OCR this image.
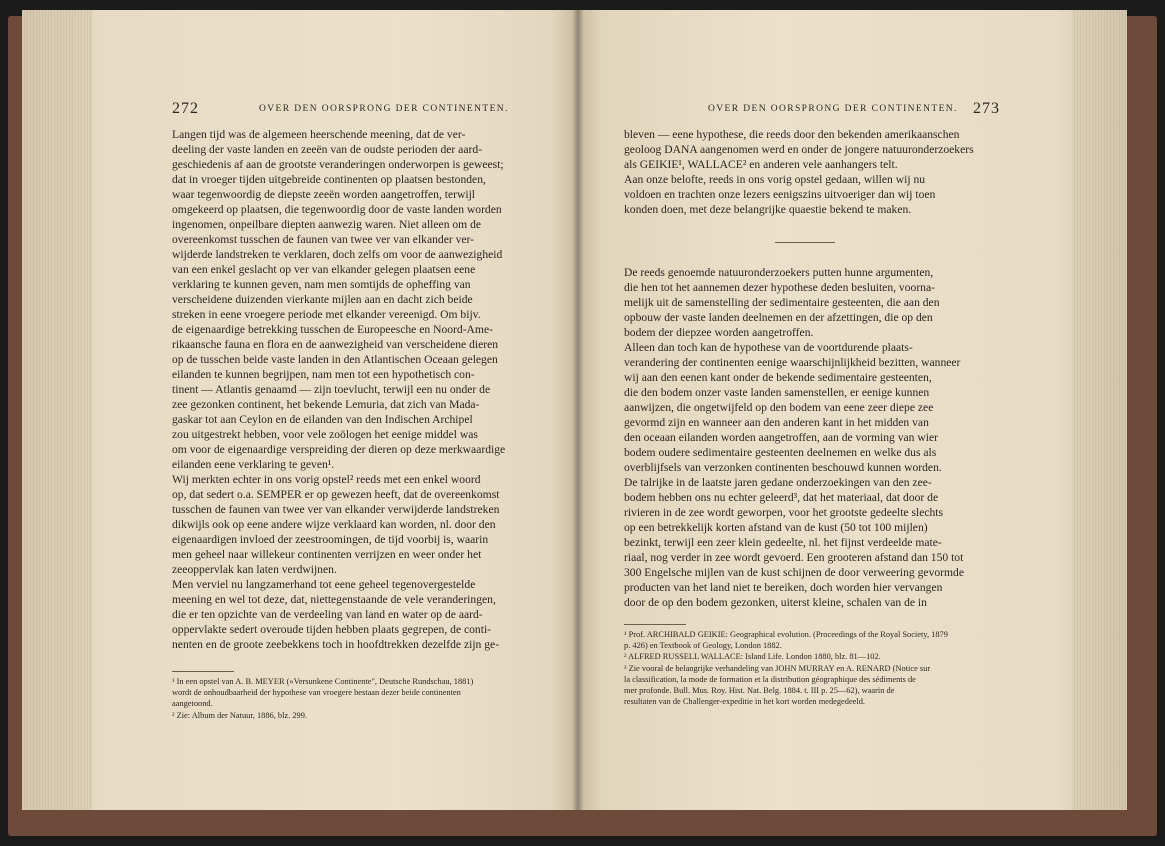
272	OVER DEN OORSPRONG DER CONTINENTEN.
Langen tijd was de algemeen heerschende meening, dat de ver-
deeling der vaste landen en zeeën van de oudste perioden der aard-
geschiedenis af aan de grootste veranderingen onderworpen is geweest;
dat in vroeger tijden uitgebreide continenten op plaatsen bestonden,
waar tegenwoordig de diepste zeeën worden aangetroffen, terwijl
omgekeerd op plaatsen, die tegenwoordig door de vaste landen worden
ingenomen, onpeilbare diepten aanwezig waren. Niet alleen om de
overeenkomst tusschen de faunen van twee ver van elkander ver-
wijderde landstreken te verklaren, doch zelfs om voor de aanwezigheid
van een enkel geslacht op ver van elkander gelegen plaatsen eene
verklaring te kunnen geven, nam men somtijds de opheffing van
verscheidene duizenden vierkante mijlen aan en dacht zich beide
streken in eene vroegere periode met elkander vereenigd. Om bijv.
de eigenaardige betrekking tusschen de Europeesche en Noord-Ame-
rikaansche fauna en flora en de aanwezigheid van verscheidene dieren
op de tusschen beide vaste landen in den Atlantischen Oceaan gelegen
eilanden te kunnen begrijpen, nam men tot een hypothetisch con-
tinent — Atlantis genaamd — zijn toevlucht, terwijl een nu onder de
zee gezonken continent, het bekende Lemuria, dat zich van Mada-
gaskar tot aan Ceylon en de eilanden van den Indischen Archipel
zou uitgestrekt hebben, voor vele zoölogen het eenige middel was
om voor de eigenaardige verspreiding der dieren op deze merkwaardige
eilanden eene verklaring te geven¹.
Wij merkten echter in ons vorig opstel² reeds met een enkel woord
op, dat sedert o.a. SEMPER er op gewezen heeft, dat de overeenkomst
tusschen de faunen van twee ver van elkander verwijderde landstreken
dikwijls ook op eene andere wijze verklaard kan worden, nl. door den
eigenaardigen invloed der zeestroomingen, de tijd voorbij is, waarin
men geheel naar willekeur continenten verrijzen en weer onder het
zeeoppervlak kan laten verdwijnen.
Men verviel nu langzamerhand tot eene geheel tegenovergestelde
meening en wel tot deze, dat, niettegenstaande de vele veranderingen,
die er ten opzichte van de verdeeling van land en water op de aard-
oppervlakte sedert overoude tijden hebben plaats gegrepen, de conti-
nenten en de groote zeebekkens toch in hoofdtrekken dezelfde zijn ge-
¹ In een opstel van A. B. MEYER (»Versunkene Continente", Deutsche Rundschau, 1881)
wordt de onhoudbaarheid der hypothese van vroegere bestaan dezer beide continenten
aangetoond.
² Zie: Album der Natuur, 1886, blz. 299.
273
OVER DEN OORSPRONG DER CONTINENTEN.
bleven — eene hypothese, die reeds door den bekenden amerikaanschen
geoloog DANA aangenomen werd en onder de jongere natuuronderzoekers
als GEIKIE¹, WALLACE² en anderen vele aanhangers telt.
Aan onze belofte, reeds in ons vorig opstel gedaan, willen wij nu
voldoen en trachten onze lezers eenigszins uitvoeriger dan wij toen
konden doen, met deze belangrijke quaestie bekend te maken.
De reeds genoemde natuuronderzoekers putten hunne argumenten,
die hen tot het aannemen dezer hypothese deden besluiten, voorna-
melijk uit de samenstelling der sedimentaire gesteenten, die aan den
opbouw der vaste landen deelnemen en der afzettingen, die op den
bodem der diepzee worden aangetroffen.
Alleen dan toch kan de hypothese van de voortdurende plaats-
verandering der continenten eenige waarschijnlijkheid bezitten, wanneer
wij aan den eenen kant onder de bekende sedimentaire gesteenten,
die den bodem onzer vaste landen samenstellen, er eenige kunnen
aanwijzen, die ongetwijfeld op den bodem van eene zeer diepe zee
gevormd zijn en wanneer aan den anderen kant in het midden van
den oceaan eilanden worden aangetroffen, aan de vorming van wier
bodem oudere sedimentaire gesteenten deelnemen en welke dus als
overblijfsels van verzonken continenten beschouwd kunnen worden.
De talrijke in de laatste jaren gedane onderzoekingen van den zee-
bodem hebben ons nu echter geleerd³, dat het materiaal, dat door de
rivieren in de zee wordt geworpen, voor het grootste gedeelte slechts
op een betrekkelijk korten afstand van de kust (50 tot 100 mijlen)
bezinkt, terwijl een zeer klein gedeelte, nl. het fijnst verdeelde mate-
riaal, nog verder in zee wordt gevoerd. Een grooteren afstand dan 150 tot
300 Engelsche mijlen van de kust schijnen de door verweering gevormde
producten van het land niet te bereiken, doch worden hier vervangen
door de op den bodem gezonken, uiterst kleine, schalen van de in
¹ Prof. ARCHIBALD GEIKIE: Geographical evolution. (Proceedings of the Royal Society, 1879
p. 426) en Textbook of Geology, London 1882.
² ALFRED RUSSELL WALLACE: Island Life. London 1880, blz. 81—102.
³ Zie vooral de belangrijke verhandeling van JOHN MURRAY en A. RENARD (Notice sur
la classification, la mode de formation et la distribution géographique des sédiments de
mer profonde. Bull. Mus. Roy. Hist. Nat. Belg. 1884. t. III p. 25—62), waarin de
resultaten van de Challenger-expeditie in het kort worden medegedeeld.
